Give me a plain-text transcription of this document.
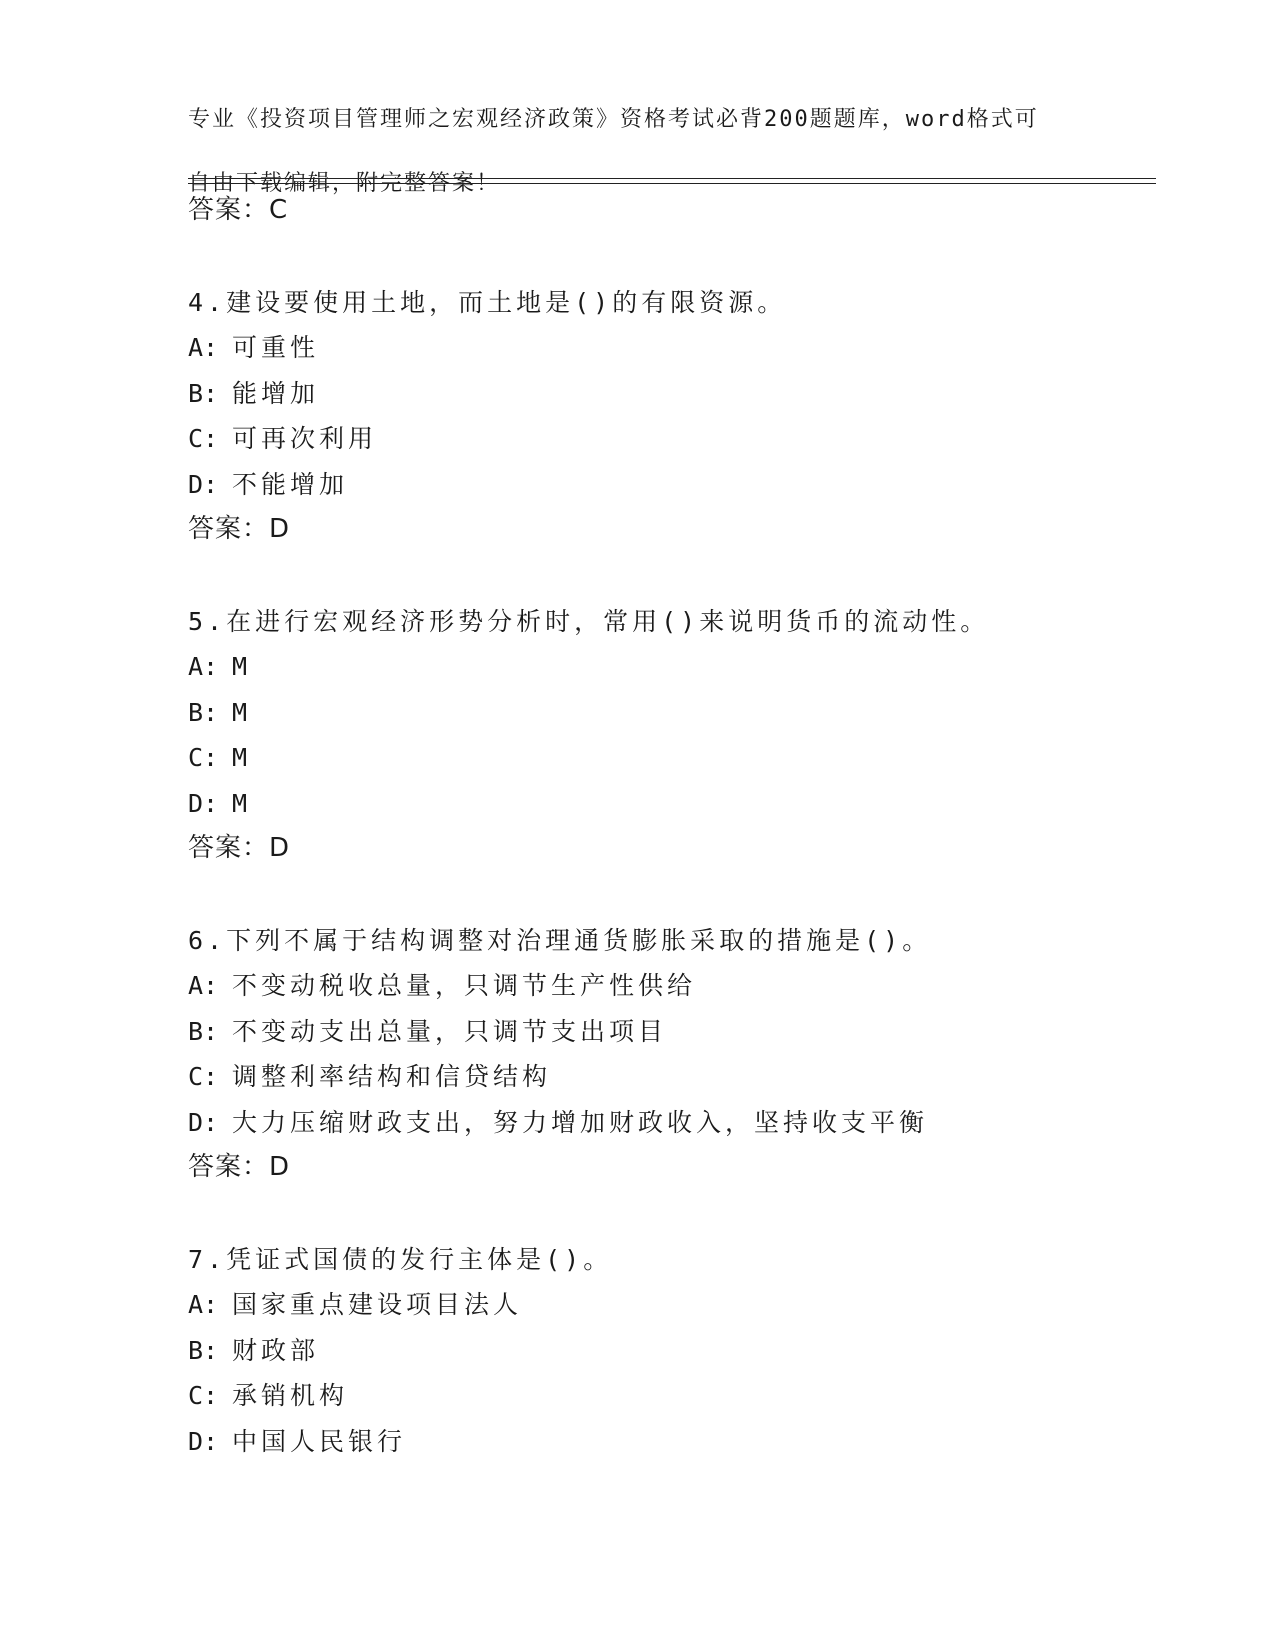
专业《投资项目管理师之宏观经济政策》资格考试必背200题题库，word格式可

自由下载编辑，附完整答案！

答案：C
4.建设要使用土地，而土地是()的有限资源。
A: 可重性
B: 能增加
C: 可再次利用
D: 不能增加
答案：D
5.在进行宏观经济形势分析时，常用()来说明货币的流动性。
A: M
B: M
C: M
D: M
答案：D
6.下列不属于结构调整对治理通货膨胀采取的措施是()。
A: 不变动税收总量，只调节生产性供给
B: 不变动支出总量，只调节支出项目
C: 调整利率结构和信贷结构
D: 大力压缩财政支出，努力增加财政收入，坚持收支平衡
答案：D
7.凭证式国债的发行主体是()。
A: 国家重点建设项目法人
B: 财政部
C: 承销机构
D: 中国人民银行
